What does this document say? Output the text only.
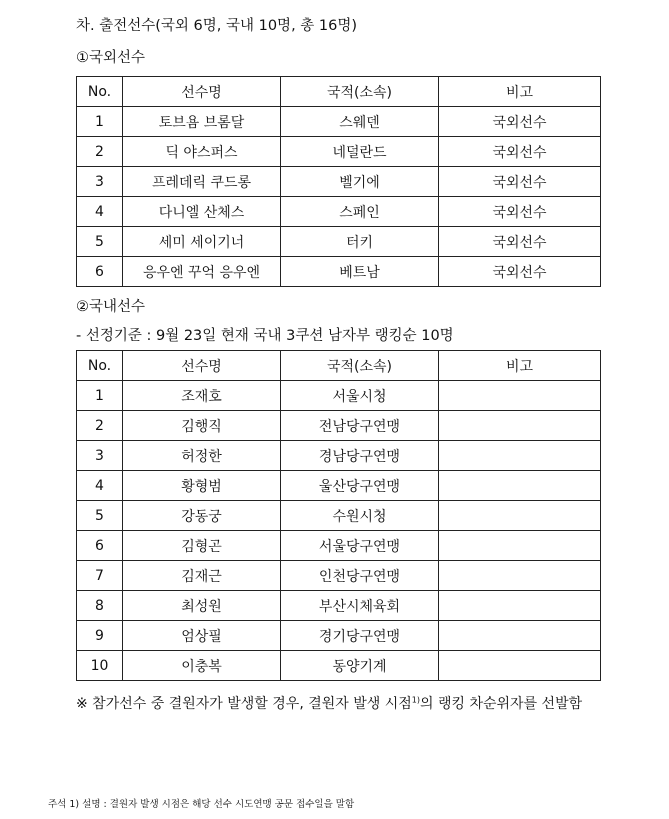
차. 출전선수(국외 6명, 국내 10명, 총 16명)
①국외선수
No.	선수명	국적(소속)	비고
1	토브욤 브롬달	스웨덴	국외선수
2	딕 야스퍼스	네덜란드	국외선수
3	프레데릭 쿠드롱	벨기에	국외선수
4	다니엘 산체스	스페인	국외선수
5	세미 세이기너	터키	국외선수
6	응우엔 꾸억 응우엔	베트남	국외선수
②국내선수
- 선정기준 : 9월 23일 현재 국내 3쿠션 남자부 랭킹순 10명
No.	선수명	국적(소속)	비고
1	조재호	서울시청	
2	김행직	전남당구연맹	
3	허정한	경남당구연맹	
4	황형범	울산당구연맹	
5	강동궁	수원시청	
6	김형곤	서울당구연맹	
7	김재근	인천당구연맹	
8	최성원	부산시체육회	
9	엄상필	경기당구연맹	
10	이충복	동양기계	
※ 참가선수 중 결원자가 발생할 경우, 결원자 발생 시점$^{1)}$의 랭킹 차순위자를 선발함
주석 1) 설명 : 결원자 발생 시점은 해당 선수 시도연맹 공문 접수일을 말함
